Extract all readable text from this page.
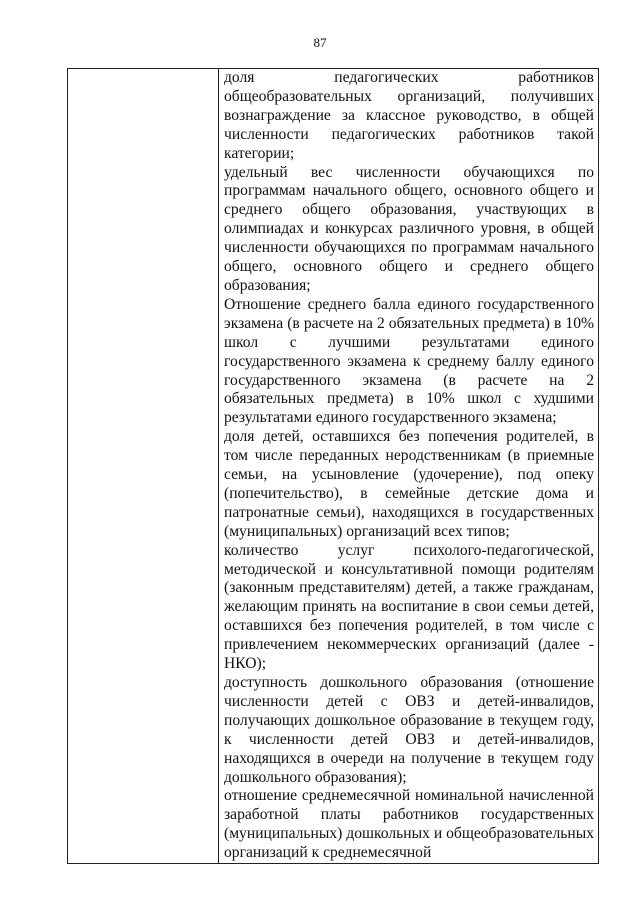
87

доля педагогических работников общеобразовательных организаций, получивших вознаграждение за классное руководство, в общей численности педагогических работников такой категории;

удельный вес численности обучающихся по программам начального общего, основного общего и среднего общего образования, участвующих в олимпиадах и конкурсах различного уровня, в общей численности обучающихся по программам начального общего, основного общего и среднего общего образования;

Отношение среднего балла единого государственного экзамена (в расчете на 2 обязательных предмета) в 10% школ с лучшими результатами единого государственного экзамена к среднему баллу единого государственного экзамена (в расчете на 2 обязательных предмета) в 10% школ с худшими результатами единого государственного экзамена;

доля детей, оставшихся без попечения родителей, в том числе переданных неродственникам (в приемные семьи, на усыновление (удочерение), под опеку (попечительство), в семейные детские дома и патронатные семьи), находящихся в государственных (муниципальных) организаций всех типов;

количество услуг психолого-педагогической, методической и консультативной помощи родителям (законным представителям) детей, а также гражданам, желающим принять на воспитание в свои семьи детей, оставшихся без попечения родителей, в том числе с привлечением некоммерческих организаций (далее - НКО);

доступность дошкольного образования (отношение численности детей с ОВЗ и детей-инвалидов, получающих дошкольное образование в текущем году, к численности детей ОВЗ и детей-инвалидов, находящихся в очереди на получение в текущем году дошкольного образования);

отношение среднемесячной номинальной начисленной заработной платы работников государственных (муниципальных) дошкольных и общеобразовательных организаций к среднемесячной
